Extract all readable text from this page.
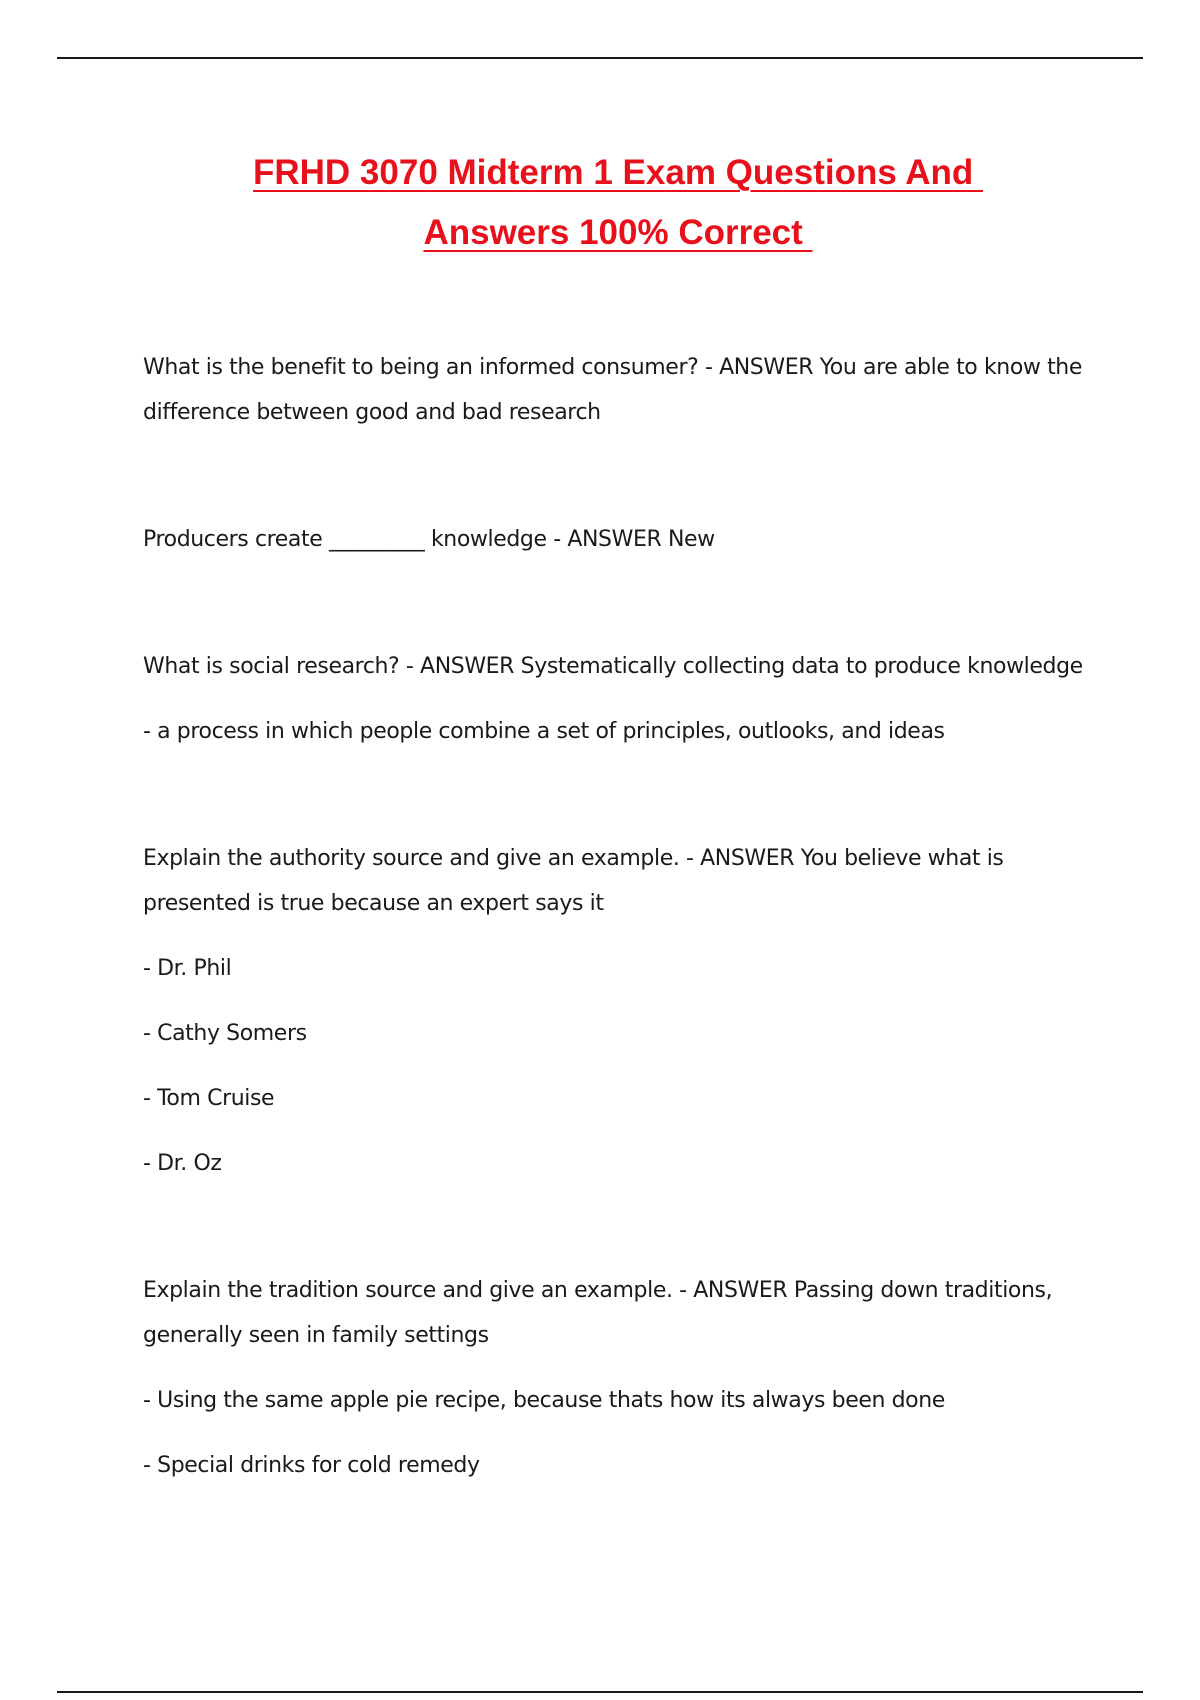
FRHD 3070 Midterm 1 Exam Questions And
Answers 100% Correct

What is the benefit to being an informed consumer? - ANSWER You are able to know the difference between good and bad research

Producers create _________ knowledge - ANSWER New

What is social research? - ANSWER Systematically collecting data to produce knowledge

- a process in which people combine a set of principles, outlooks, and ideas

Explain the authority source and give an example. - ANSWER You believe what is presented is true because an expert says it

- Dr. Phil

- Cathy Somers

- Tom Cruise

- Dr. Oz

Explain the tradition source and give an example. - ANSWER Passing down traditions, generally seen in family settings

- Using the same apple pie recipe, because thats how its always been done

- Special drinks for cold remedy
